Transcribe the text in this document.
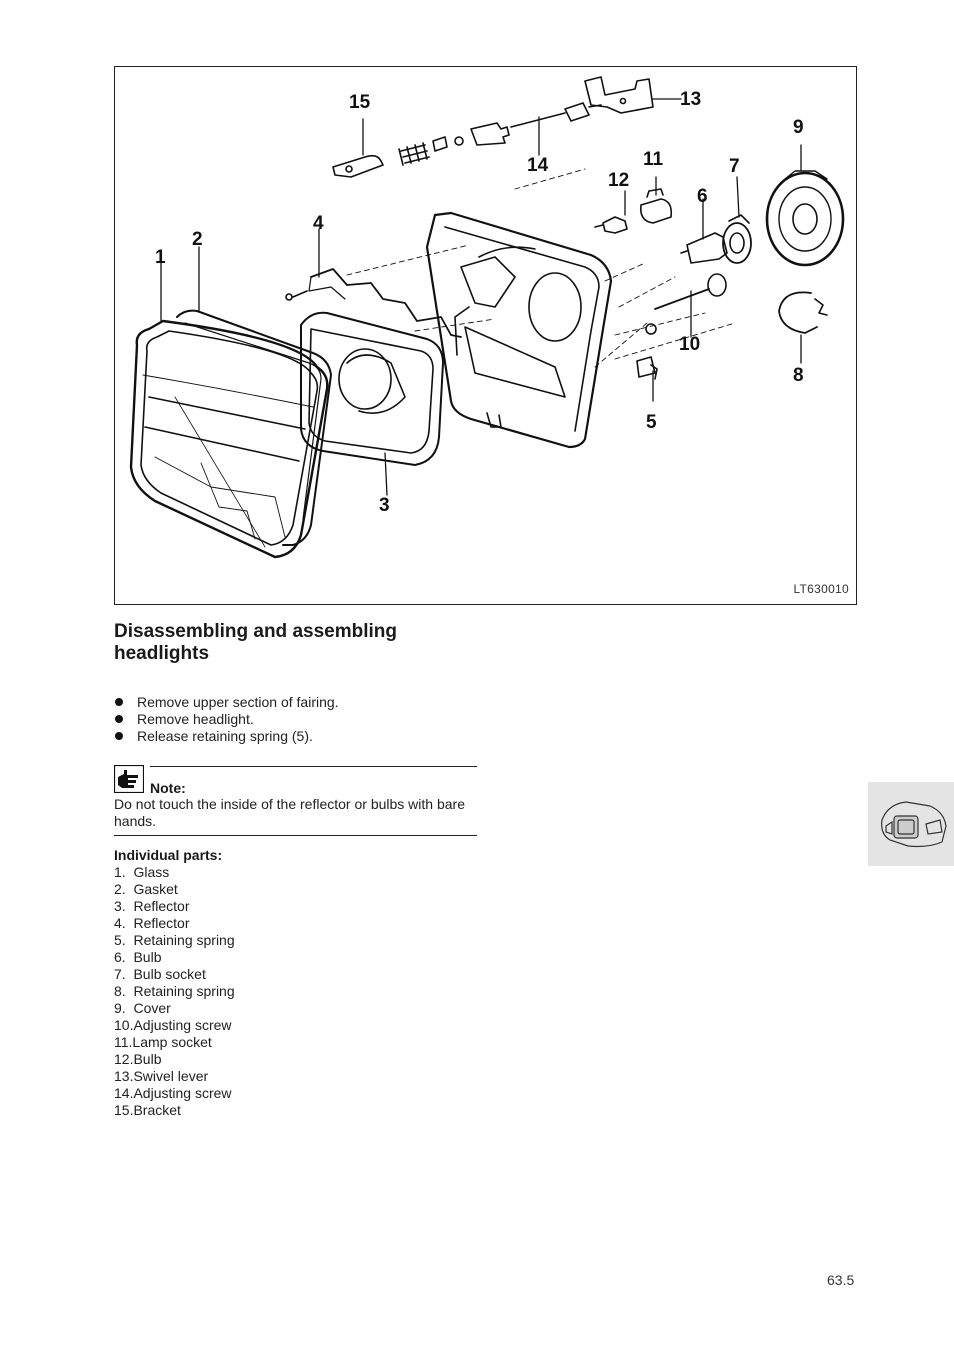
1
2
3
4
5
6
7
8
9
10
11
12
13
14
15
LT630010
Disassembling and assembling headlights
Remove upper section of fairing.
Remove headlight.
Release retaining spring (5).
Note:
Do not touch the inside of the reflector or bulbs with bare hands.
Individual parts:
1.  Glass
2.  Gasket
3.  Reflector
4.  Reflector
5.  Retaining spring
6.  Bulb
7.  Bulb socket
8.  Retaining spring
9.  Cover
10.Adjusting screw
11.Lamp socket
12.Bulb
13.Swivel lever
14.Adjusting screw
15.Bracket
63.5
